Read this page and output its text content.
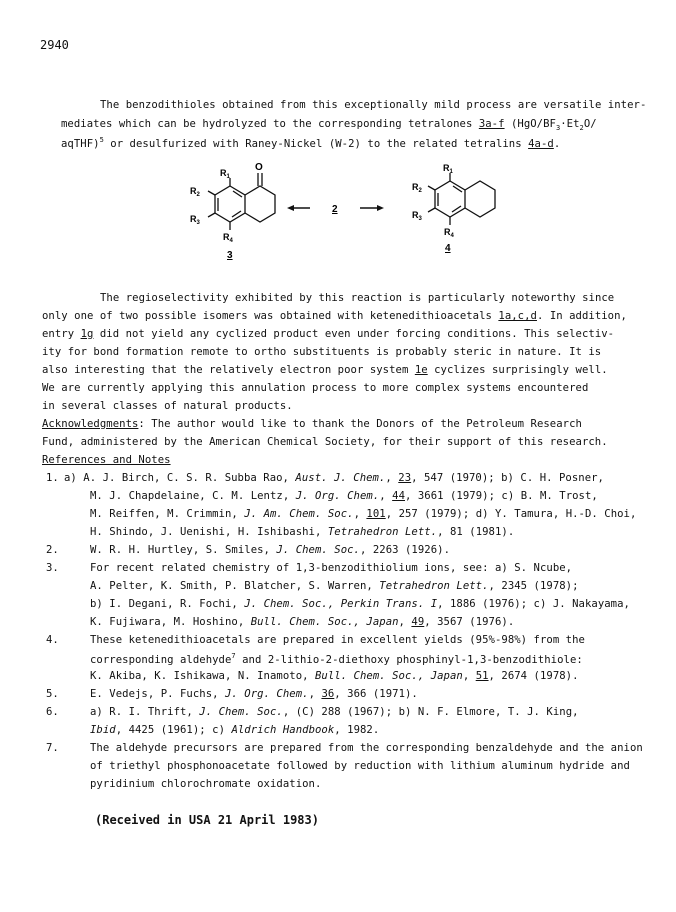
2940
The benzodithioles obtained from this exceptionally mild process are versatile inter-
mediates which can be hydrolyzed to the corresponding tetralones 3a-f ($HgO/BF_3\cdot Et_2O/$
aqTHF)$^5$ or desulfurized with Raney-Nickel (W-2) to the related tetralins 4a-d.
$R_1$
$R_2$
$R_3$
$R_4$
O
3
2
$R_1$
$R_2$
$R_3$
$R_4$
4
The regioselectivity exhibited by this reaction is particularly noteworthy since
only one of two possible isomers was obtained with ketenedithioacetals 1a,c,d. In addition,
entry 1g did not yield any cyclized product even under forcing conditions. This selectiv-
ity for bond formation remote to ortho substituents is probably steric in nature. It is
also interesting that the relatively electron poor system 1e cyclizes surprisingly well.
We are currently applying this annulation process to more complex systems encountered
in several classes of natural products.
Acknowledgments: The author would like to thank the Donors of the Petroleum Research
Fund, administered by the American Chemical Society, for their support of this research.
References and Notes
1. a) A. J. Birch, C. S. R. Subba Rao, Aust. J. Chem., 23, 547 (1970); b) C. H. Posner,
M. J. Chapdelaine, C. M. Lentz, J. Org. Chem., 44, 3661 (1979); c) B. M. Trost,
M. Reiffen, M. Crimmin, J. Am. Chem. Soc., 101, 257 (1979); d) Y. Tamura, H.-D. Choi,
H. Shindo, J. Uenishi, H. Ishibashi, Tetrahedron Lett., 81 (1981).
2.	W. R. H. Hurtley, S. Smiles, J. Chem. Soc., 2263 (1926).
3.	For recent related chemistry of 1,3-benzodithiolium ions, see: a) S. Ncube,
A. Pelter, K. Smith, P. Blatcher, S. Warren, Tetrahedron Lett., 2345 (1978);
b) I. Degani, R. Fochi, J. Chem. Soc., Perkin Trans. I, 1886 (1976); c) J. Nakayama,
K. Fujiwara, M. Hoshino, Bull. Chem. Soc., Japan, 49, 3567 (1976).
4.	These ketenedithioacetals are prepared in excellent yields (95%-98%) from the
corresponding aldehyde$^7$ and 2-lithio-2-diethoxy phosphinyl-1,3-benzodithiole:
K. Akiba, K. Ishikawa, N. Inamoto, Bull. Chem. Soc., Japan, 51, 2674 (1978).
5.	E. Vedejs, P. Fuchs, J. Org. Chem., 36, 366 (1971).
6.	a) R. I. Thrift, J. Chem. Soc., (C) 288 (1967); b) N. F. Elmore, T. J. King,
Ibid, 4425 (1961); c) Aldrich Handbook, 1982.
7.	The aldehyde precursors are prepared from the corresponding benzaldehyde and the anion
of triethyl phosphonoacetate followed by reduction with lithium aluminum hydride and
pyridinium chlorochromate oxidation.
(Received in USA 21 April 1983)
